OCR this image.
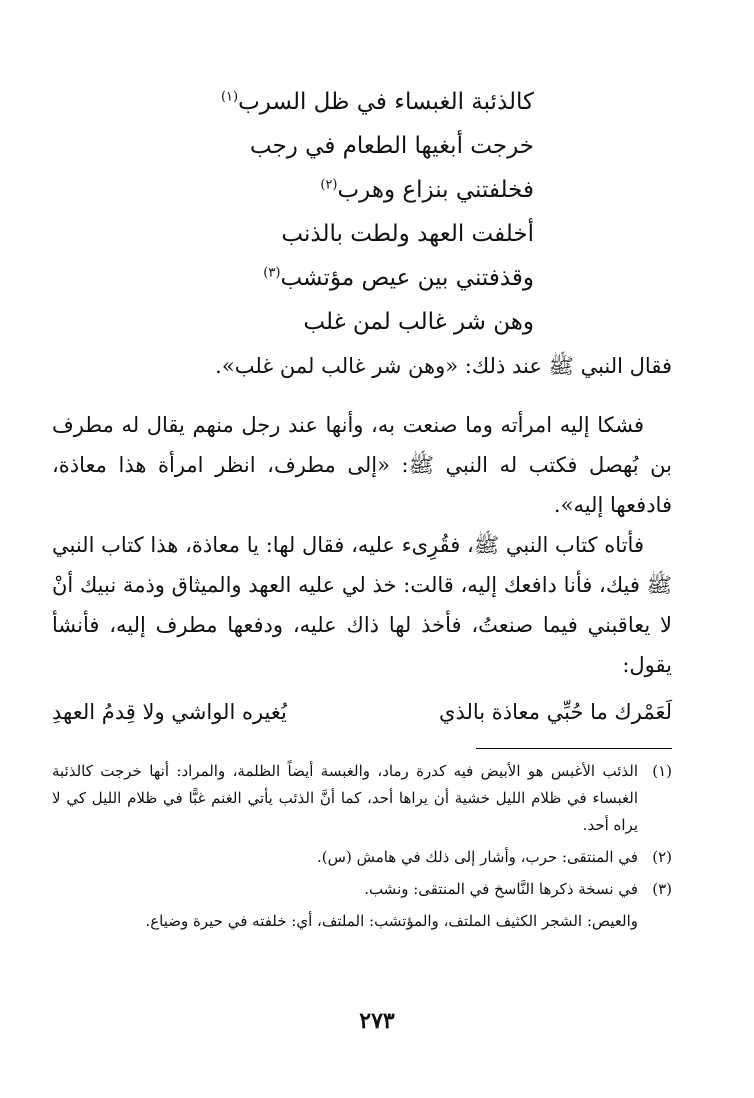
كالذئبة الغبساء في ظل السرب$^{(١)}$
خرجت أبغيها الطعام في رجب
فخلفتني بنزاع وهرب$^{(٢)}$
أخلفت العهد ولطت بالذنب
وقذفتني بين عيص مؤتشب$^{(٣)}$
وهن شر غالب لمن غلب

فقال النبي ﷺ عند ذلك: «وهن شر غالب لمن غلب».

فشكا إليه امرأته وما صنعت به، وأنها عند رجل منهم يقال له مطرف بن بُهصل فكتب له النبي ﷺ: «إلى مطرف، انظر امرأة هذا معاذة، فادفعها إليه».

فأتاه كتاب النبي ﷺ، فقُرِىء عليه، فقال لها: يا معاذة، هذا كتاب النبي ﷺ فيك، فأنا دافعك إليه، قالت: خذ لي عليه العهد والميثاق وذمة نبيك أنْ لا يعاقبني فيما صنعتُ، فأخذ لها ذاك عليه، ودفعها مطرف إليه، فأنشأ يقول:

لَعَمْرك ما حُبِّي معاذة بالذي
يُغيره الواشي ولا قِدمُ العهدِ
(١)
الذئب الأغبس هو الأبيض فيه كدرة رماد، والغبسة أيضاً الظلمة، والمراد: أنها خرجت كالذئبة الغبساء في ظلام الليل خشية أن يراها أحد، كما أنَّ الذئب يأتي الغنم غبًّا في ظلام الليل كي لا يراه أحد.
(٢)
في المنتقى: حرب، وأشار إلى ذلك في هامش (س).
(٣)
في نسخة ذكرها النَّاسخ في المنتقى: ونشب.
والعيص: الشجر الكثيف الملتف، والمؤتشب: الملتف، أي: خلفته في حيرة وضياع.
٢٧٣
